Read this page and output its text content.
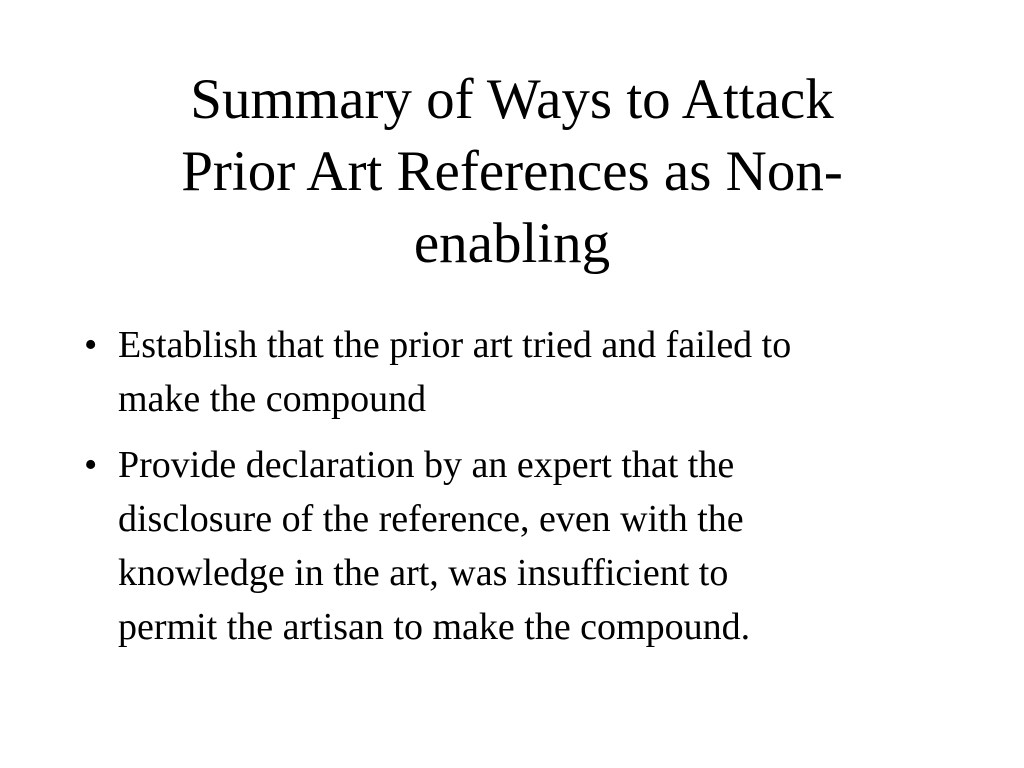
Summary of Ways to Attack
Prior Art References as Non-
enabling
• Establish that the prior art tried and failed to
make the compound
• Provide declaration by an expert that the
disclosure of the reference, even with the
knowledge in the art, was insufficient to
permit the artisan to make the compound.
